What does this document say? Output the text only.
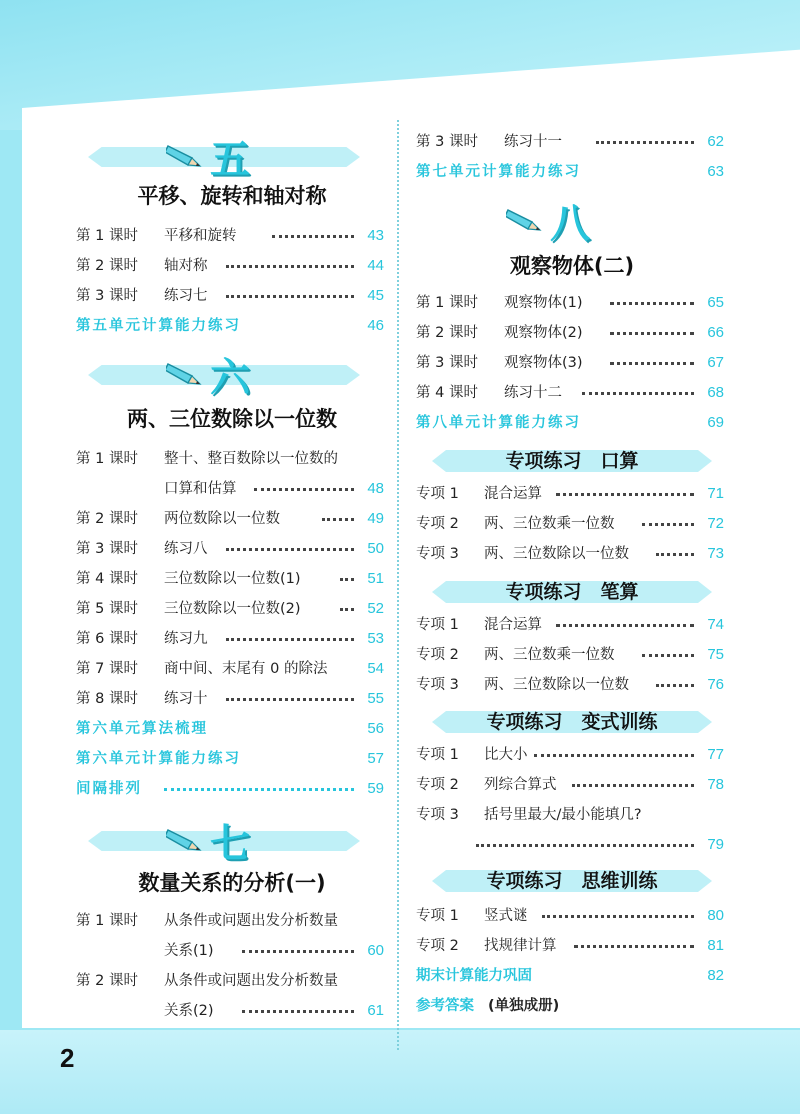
五
平移、旋转和轴对称
第 1 课时 平移和旋转	43
第 2 课时 轴对称	44
第 3 课时 练习七	45
第五单元计算能力练习	46
六
两、三位数除以一位数
第 1 课时 整十、整百数除以一位数的
口算和估算	48
第 2 课时 两位数除以一位数	49
第 3 课时 练习八	50
第 4 课时 三位数除以一位数(1)	51
第 5 课时 三位数除以一位数(2)	52
第 6 课时 练习九	53
第 7 课时 商中间、末尾有 0 的除法	54
第 8 课时 练习十	55
第六单元算法梳理	56
第六单元计算能力练习	57
间隔排列	59
七
数量关系的分析(一)
第 1 课时 从条件或问题出发分析数量
关系(1)	60
第 2 课时 从条件或问题出发分析数量
关系(2)	61
第 3 课时 练习十一	62
第七单元计算能力练习	63
八
观察物体(二)
第 1 课时 观察物体(1)	65
第 2 课时 观察物体(2)	66
第 3 课时 观察物体(3)	67
第 4 课时 练习十二	68
第八单元计算能力练习	69
专项练习　口算
专项 1 混合运算	71
专项 2 两、三位数乘一位数	72
专项 3 两、三位数除以一位数	73
专项练习　笔算
专项 1 混合运算	74
专项 2 两、三位数乘一位数	75
专项 3 两、三位数除以一位数	76
专项练习　变式训练
专项 1 比大小	77
专项 2 列综合算式	78
专项 3 括号里最大/最小能填几?
79
专项练习　思维训练
专项 1 竖式谜	80
专项 2 找规律计算	81
期末计算能力巩固	82
参考答案 (单独成册)
2
